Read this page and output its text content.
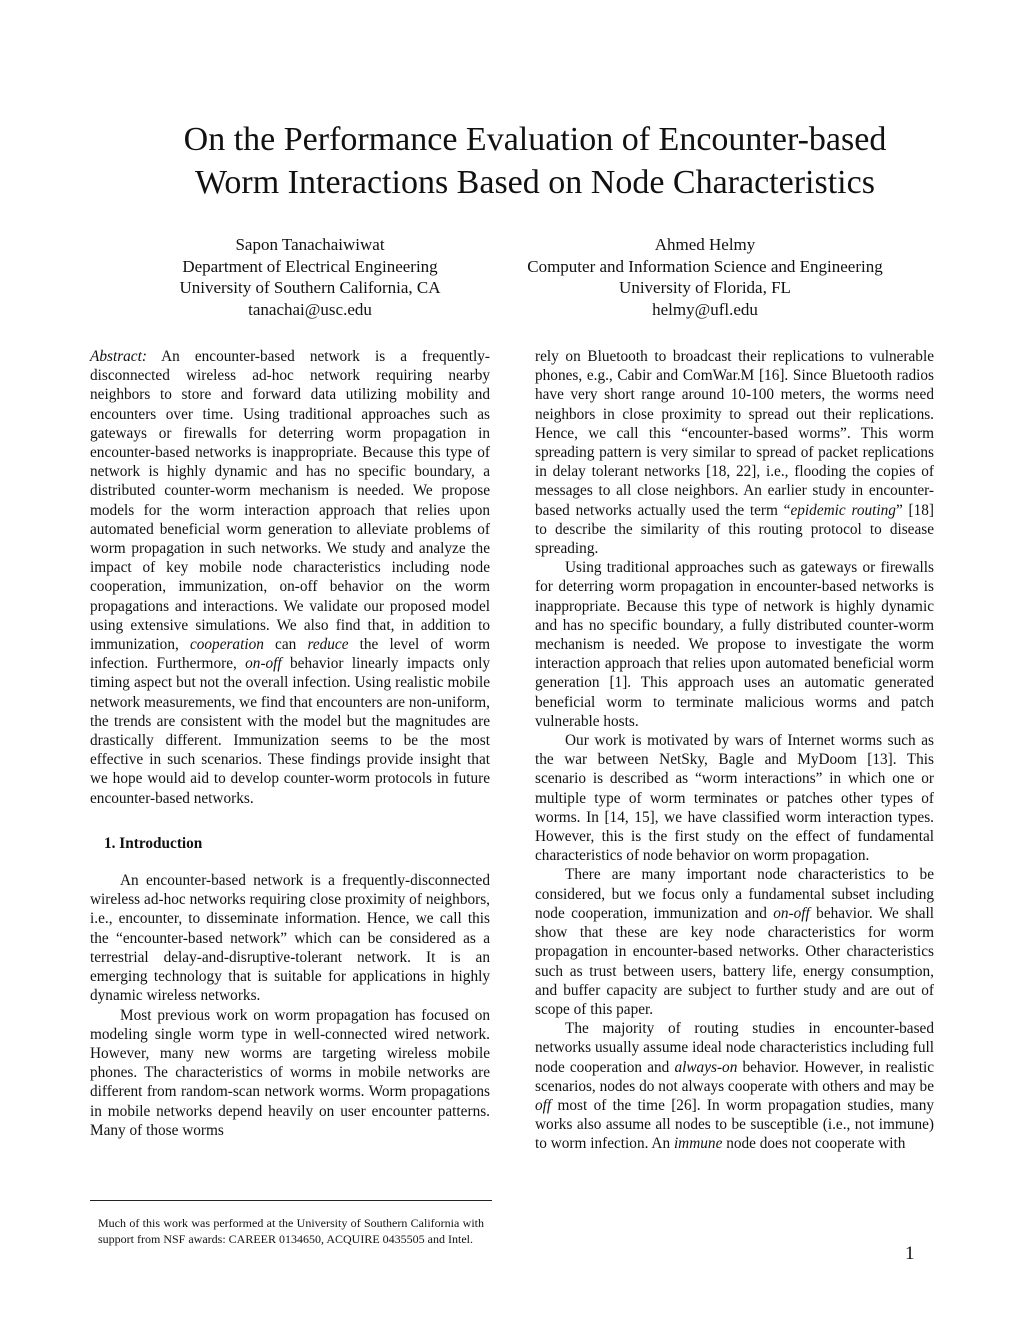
On the Performance Evaluation of Encounter-based
Worm Interactions Based on Node Characteristics
Sapon Tanachaiwiwat
Department of Electrical Engineering
University of Southern California, CA
tanachai@usc.edu
Ahmed Helmy
Computer and Information Science and Engineering
University of Florida, FL
helmy@ufl.edu

Abstract: An encounter-based network is a frequently-disconnected wireless ad-hoc network requiring nearby neighbors to store and forward data utilizing mobility and encounters over time. Using traditional approaches such as gateways or firewalls for deterring worm propagation in encounter-based networks is inappropriate. Because this type of network is highly dynamic and has no specific boundary, a distributed counter-worm mechanism is needed. We propose models for the worm interaction approach that relies upon automated beneficial worm generation to alleviate problems of worm propagation in such networks. We study and analyze the impact of key mobile node characteristics including node cooperation, immunization, on-off behavior on the worm propagations and interactions. We validate our proposed model using extensive simulations. We also find that, in addition to immunization, cooperation can reduce the level of worm infection. Furthermore, on-off behavior linearly impacts only timing aspect but not the overall infection. Using realistic mobile network measurements, we find that encounters are non-uniform, the trends are consistent with the model but the magnitudes are drastically different. Immunization seems to be the most effective in such scenarios. These findings provide insight that we hope would aid to develop counter-worm protocols in future encounter-based networks.

1. Introduction

An encounter-based network is a frequently-disconnected wireless ad-hoc networks requiring close proximity of neighbors, i.e., encounter, to disseminate information. Hence, we call this the “encounter-based network” which can be considered as a terrestrial delay-and-disruptive-tolerant network. It is an emerging technology that is suitable for applications in highly dynamic wireless networks.

Most previous work on worm propagation has focused on modeling single worm type in well-connected wired network. However, many new worms are targeting wireless mobile phones. The characteristics of worms in mobile networks are different from random-scan network worms. Worm propagations in mobile networks depend heavily on user encounter patterns. Many of those worms

rely on Bluetooth to broadcast their replications to vulnerable phones, e.g., Cabir and ComWar.M [16]. Since Bluetooth radios have very short range around 10-100 meters, the worms need neighbors in close proximity to spread out their replications. Hence, we call this “encounter-based worms”. This worm spreading pattern is very similar to spread of packet replications in delay tolerant networks [18, 22], i.e., flooding the copies of messages to all close neighbors. An earlier study in encounter-based networks actually used the term “epidemic routing” [18] to describe the similarity of this routing protocol to disease spreading.

Using traditional approaches such as gateways or firewalls for deterring worm propagation in encounter-based networks is inappropriate. Because this type of network is highly dynamic and has no specific boundary, a fully distributed counter-worm mechanism is needed. We propose to investigate the worm interaction approach that relies upon automated beneficial worm generation [1]. This approach uses an automatic generated beneficial worm to terminate malicious worms and patch vulnerable hosts.

Our work is motivated by wars of Internet worms such as the war between NetSky, Bagle and MyDoom [13]. This scenario is described as “worm interactions” in which one or multiple type of worm terminates or patches other types of worms. In [14, 15], we have classified worm interaction types. However, this is the first study on the effect of fundamental characteristics of node behavior on worm propagation.

There are many important node characteristics to be considered, but we focus only a fundamental subset including node cooperation, immunization and on-off behavior. We shall show that these are key node characteristics for worm propagation in encounter-based networks. Other characteristics such as trust between users, battery life, energy consumption, and buffer capacity are subject to further study and are out of scope of this paper.

The majority of routing studies in encounter-based networks usually assume ideal node characteristics including full node cooperation and always-on behavior. However, in realistic scenarios, nodes do not always cooperate with others and may be off most of the time [26]. In worm propagation studies, many works also assume all nodes to be susceptible (i.e., not immune) to worm infection. An immune node does not cooperate with

Much of this work was performed at the University of Southern California with support from NSF awards: CAREER 0134650, ACQUIRE 0435505 and Intel.
1
